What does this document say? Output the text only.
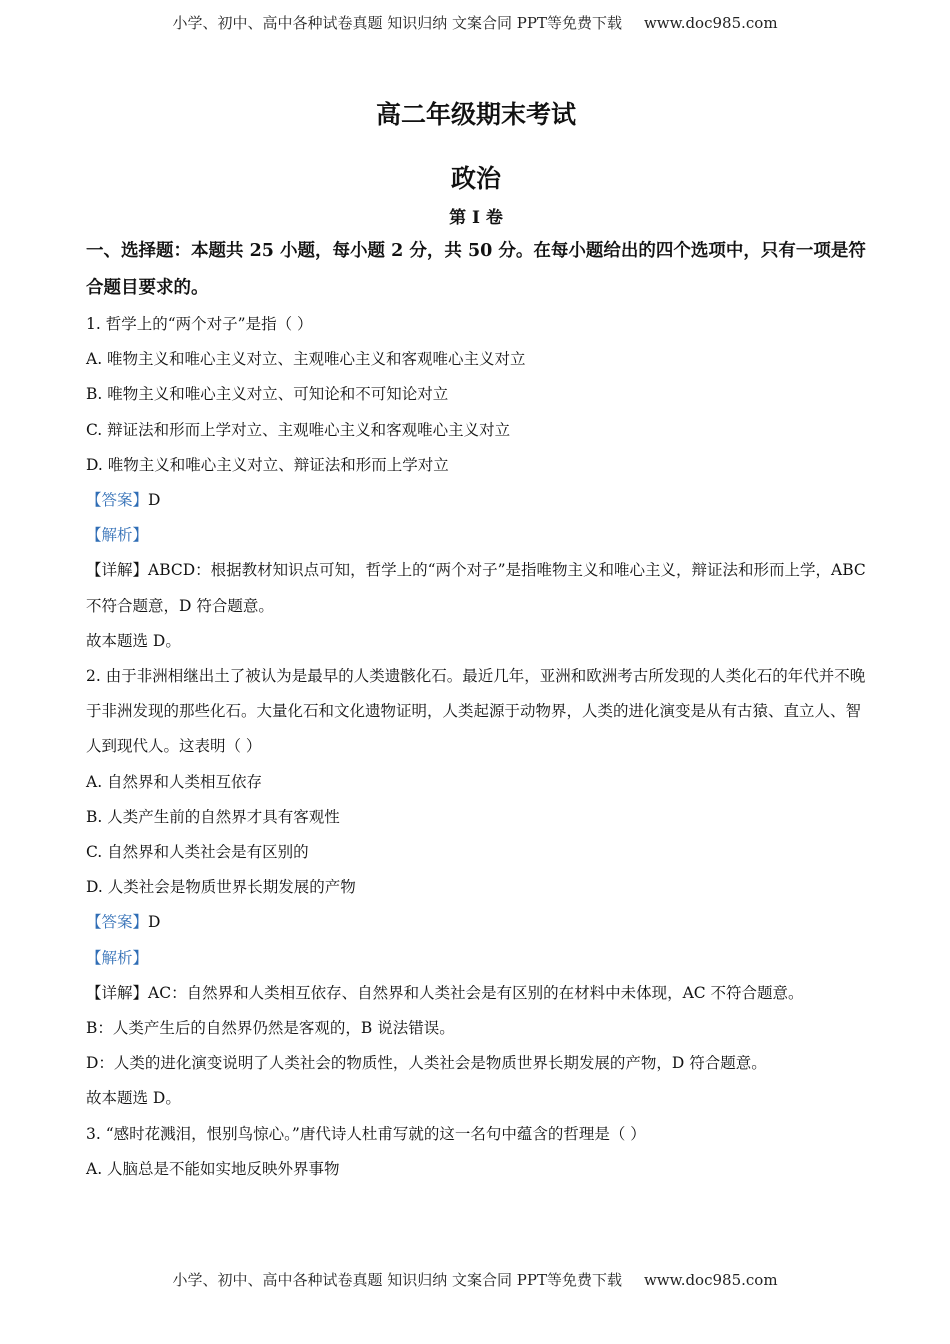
小学、初中、高中各种试卷真题 知识归纳 文案合同 PPT等免费下载 www.doc985.com
高二年级期末考试
政治
第 I 卷
一、选择题：本题共 25 小题，每小题 2 分，共 50 分。在每小题给出的四个选项中，只有一项是符合题目要求的。
1. 哲学上的“两个对子”是指（ ）
A. 唯物主义和唯心主义对立、主观唯心主义和客观唯心主义对立
B. 唯物主义和唯心主义对立、可知论和不可知论对立
C. 辩证法和形而上学对立、主观唯心主义和客观唯心主义对立
D. 唯物主义和唯心主义对立、辩证法和形而上学对立
【答案】D
【解析】
【详解】ABCD：根据教材知识点可知，哲学上的“两个对子”是指唯物主义和唯心主义，辩证法和形而上学，ABC 不符合题意，D 符合题意。
故本题选 D。
2. 由于非洲相继出土了被认为是最早的人类遗骸化石。最近几年，亚洲和欧洲考古所发现的人类化石的年代并不晚于非洲发现的那些化石。大量化石和文化遗物证明，人类起源于动物界，人类的进化演变是从有古猿、直立人、智人到现代人。这表明（ ）
A. 自然界和人类相互依存
B. 人类产生前的自然界才具有客观性
C. 自然界和人类社会是有区别的
D. 人类社会是物质世界长期发展的产物
【答案】D
【解析】
【详解】AC：自然界和人类相互依存、自然界和人类社会是有区别的在材料中未体现，AC 不符合题意。
B：人类产生后的自然界仍然是客观的，B 说法错误。
D：人类的进化演变说明了人类社会的物质性，人类社会是物质世界长期发展的产物，D 符合题意。
故本题选 D。
3. “感时花溅泪，恨别鸟惊心。”唐代诗人杜甫写就的这一名句中蕴含的哲理是（ ）
A. 人脑总是不能如实地反映外界事物
小学、初中、高中各种试卷真题 知识归纳 文案合同 PPT等免费下载 www.doc985.com
